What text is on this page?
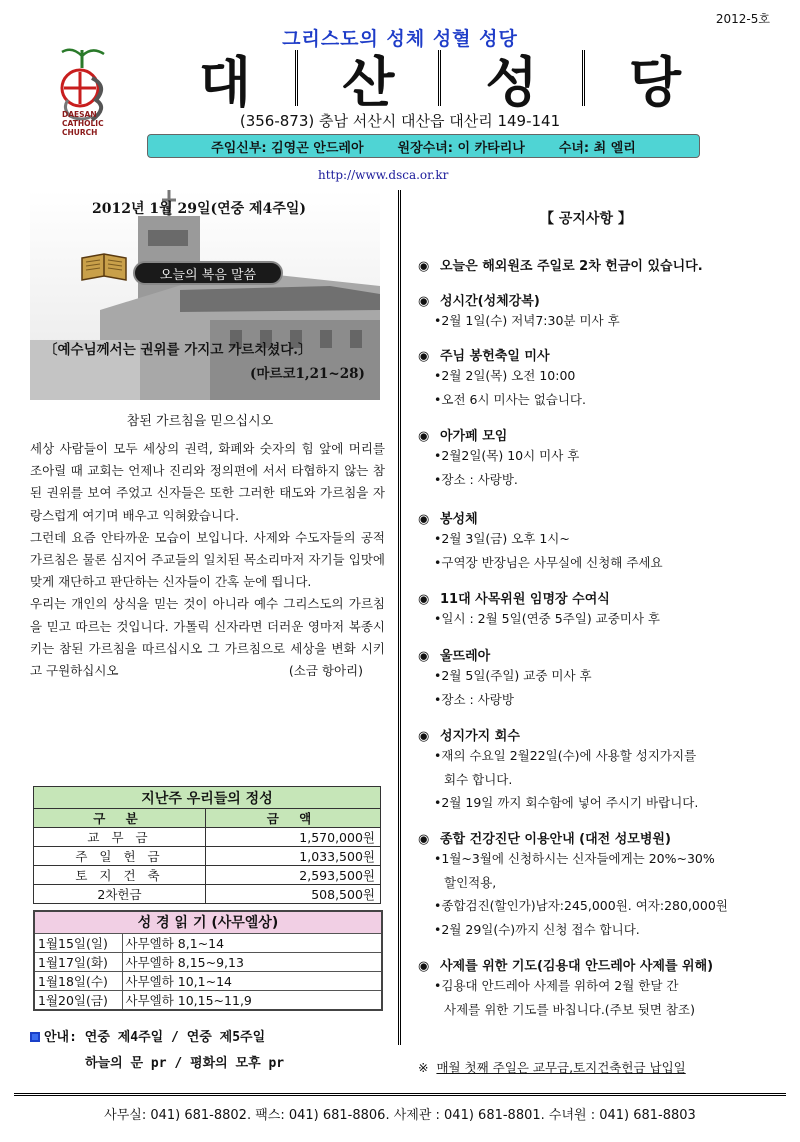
2012-5호
그리스도의 성체 성혈 성당
DAESAN
CATHOLIC
CHURCH
대	산	성	당
(356-873) 충남 서산시 대산읍 대산리 149-141
주임신부: 김영곤 안드레아	원장수녀: 이 카타리나	수녀: 최 엘리
http://www.dsca.or.kr
2012년 1월 29일(연중 제4주일)
오늘의 복음 말씀
〔예수님께서는 권위를 가지고 가르치셨다.〕
(마르코1,21~28)
참된 가르침을 믿으십시오

세상 사람들이 모두 세상의 권력, 화폐와 숫자의 힘 앞에 머리를 조아릴 때 교회는 언제나 진리와 정의편에 서서 타협하지 않는 참된 권위를 보여 주었고 신자들은 또한 그러한 태도와 가르침을 자랑스럽게 여기며 배우고 익혀왔습니다.

그런데 요즘 안타까운 모습이 보입니다. 사제와 수도자들의 공적 가르침은 물론 심지어 주교들의 일치된 목소리마저 자기들 입맛에 맞게 재단하고 판단하는 신자들이 간혹 눈에 띕니다.

우리는 개인의 상식을 믿는 것이 아니라 예수 그리스도의 가르침을 믿고 따르는 것입니다. 가톨릭 신자라면 더러운 영마저 복종시키는 참된 가르침을 따르십시오 그 가르침으로 세상을 변화 시키고 구원하십시오	(소금 항아리)

지난주 우리들의 정성	
구 분	금 액
교 무 금	1,570,000원
주 일 헌 금	1,033,500원
토 지 건 축	2,593,500원
2차헌금	508,500원
성 경 읽 기 (사무엘상)	
1월15일(일)	사무엘하 8,1~14
1월17일(화)	사무엘하 8,15~9,13
1월18일(수)	사무엘하 10,1~14
1월20일(금)	사무엘하 10,15~11,9
안내: 연중 제4주일 / 연중 제5주일
하늘의 문 pr / 평화의 모후 pr
【 공지사항 】
◉ 오늘은 해외원조 주일로 2차 헌금이 있습니다.
◉ 성시간(성체강복)
•2월 1일(수) 저녁7:30분 미사 후
◉ 주님 봉헌축일 미사
•2월 2일(목) 오전 10:00
•오전 6시 미사는 없습니다.
◉ 아가페 모임
•2월2일(목) 10시 미사 후
•장소 : 사랑방.
◉ 봉성체
•2월 3일(금) 오후 1시~
•구역장 반장님은 사무실에 신청해 주세요
◉ 11대 사목위원 임명장 수여식
•일시 : 2월 5일(연중 5주일) 교중미사 후
◉ 울뜨레아
•2월 5일(주일) 교중 미사 후
•장소 : 사랑방
◉ 성지가지 회수
•재의 수요일 2월22일(수)에 사용할 성지가지를
회수 합니다.
•2월 19일 까지 회수함에 넣어 주시기 바랍니다.
◉ 종합 건강진단 이용안내 (대전 성모병원)
•1월~3월에 신청하시는 신자들에게는 20%~30%
할인적용,
•종합검진(할인가)남자:245,000원. 여자:280,000원
•2월 29일(수)까지 신청 접수 합니다.
◉ 사제를 위한 기도(김용대 안드레아 사제를 위해)
•김용대 안드레아 사제를 위하여 2월 한달 간
사제를 위한 기도를 바칩니다.(주보 뒷면 참조)
※ 매월 첫째 주일은 교무금,토지건축헌금 납입일
사무실: 041) 681-8802. 팩스: 041) 681-8806. 사제관 : 041) 681-8801. 수녀원 : 041) 681-8803
